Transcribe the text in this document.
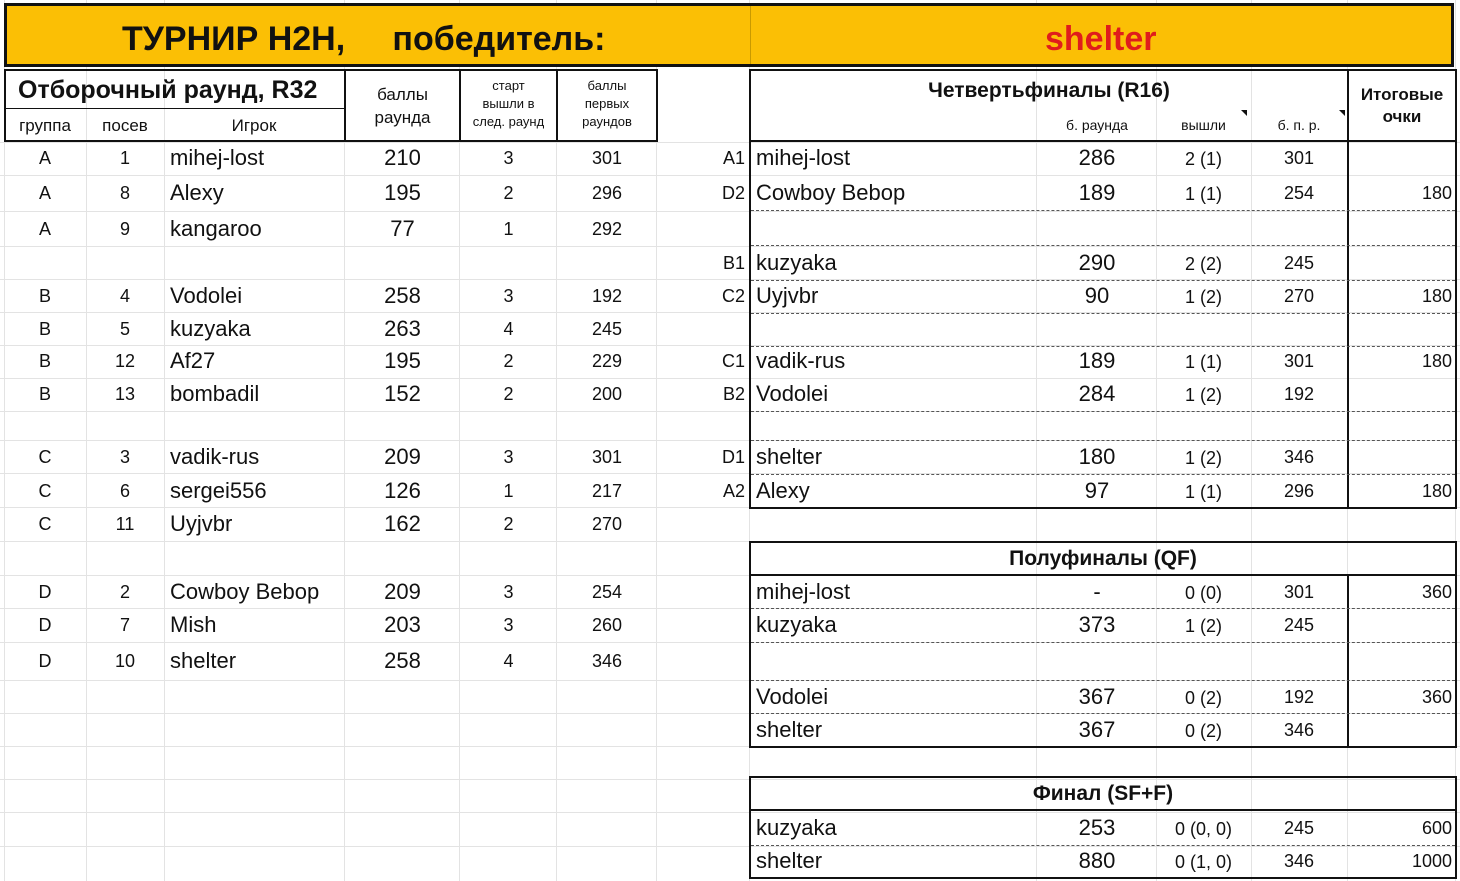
ТУРНИР H2H,     победитель:	shelter
Отборочный раунд, R32
группа	посев	Игрок
баллы
раунда
старт
вышли в
след. раунд
баллы
первых
раундов
A	1	mihej-lost	210	3	301
A	8	Alexy	195	2	296
A	9	kangaroo	77	1	292
B	4	Vodolei	258	3	192
B	5	kuzyaka	263	4	245
B	12	Af27	195	2	229
B	13	bombadil	152	2	200
C	3	vadik-rus	209	3	301
C	6	sergei556	126	1	217
C	11	Uyjvbr	162	2	270
D	2	Cowboy Bebop	209	3	254
D	7	Mish	203	3	260
D	10	shelter	258	4	346
Четвертьфиналы (R16)
б. раунда	вышли	б. п. р.
Итоговые
очки
A1 mihej-lost	286	2 (1)	301
D2 Cowboy Bebop	189	1 (1)	254	180
B1 kuzyaka	290	2 (2)	245
C2 Uyjvbr	90	1 (2)	270	180
C1 vadik-rus	189	1 (1)	301	180
B2 Vodolei	284	1 (2)	192
D1 shelter	180	1 (2)	346
A2 Alexy	97	1 (1)	296	180
Полуфиналы (QF)
mihej-lost	-	0 (0)	301	360
kuzyaka	373	1 (2)	245
Vodolei	367	0 (2)	192	360
shelter	367	0 (2)	346
Финал (SF+F)
kuzyaka	253	0 (0, 0)	245	600
shelter	880	0 (1, 0)	346	1000
